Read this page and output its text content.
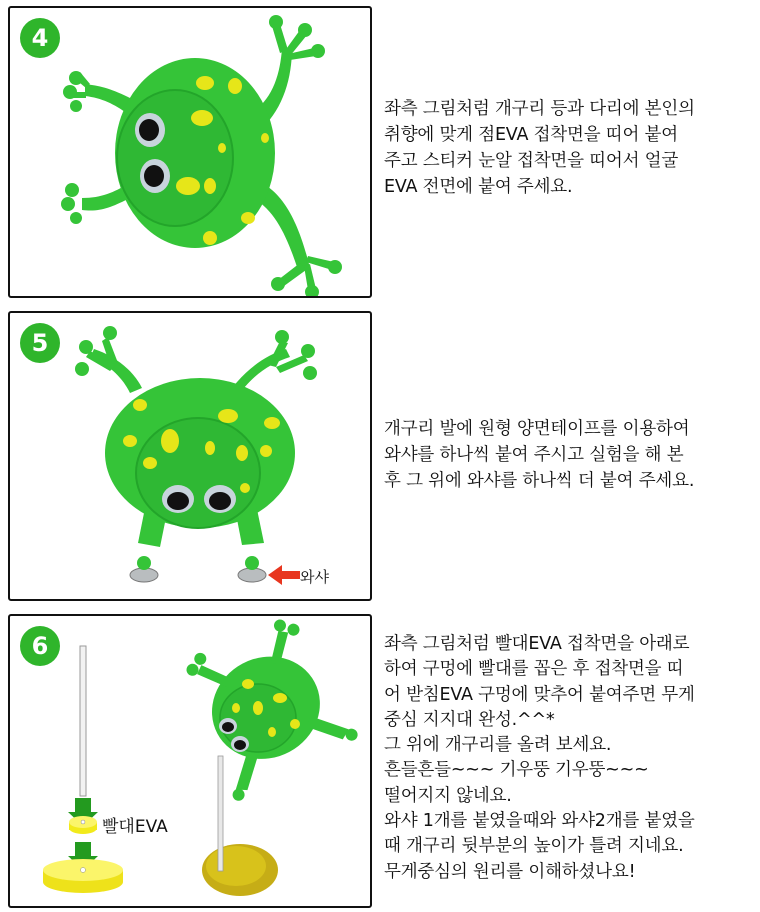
4
좌측 그림처럼 개구리 등과 다리에 본인의
취향에 맞게 점EVA 접착면을 띠어 붙여
주고 스티커 눈알 접착면을 띠어서 얼굴
EVA 전면에 붙여 주세요.
5
와샤
개구리 발에 원형 양면테이프를 이용하여
와샤를 하나씩 붙여 주시고 실험을 해 본
후 그 위에 와샤를 하나씩 더 붙여 주세요.
6
빨대EVA
좌측 그림처럼 빨대EVA 접착면을 아래로
하여 구멍에 빨대를 꼽은 후 접착면을 띠
어 받침EVA 구멍에 맞추어 붙여주면 무게
중심 지지대 완성.^^*
그 위에 개구리를 올려 보세요.
흔들흔들~~~ 기우뚱 기우뚱~~~
떨어지지 않네요.
와샤 1개를 붙였을때와 와샤2개를 붙였을
때 개구리 뒷부분의 높이가 틀려 지네요.
무게중심의 원리를 이해하셨나요!
